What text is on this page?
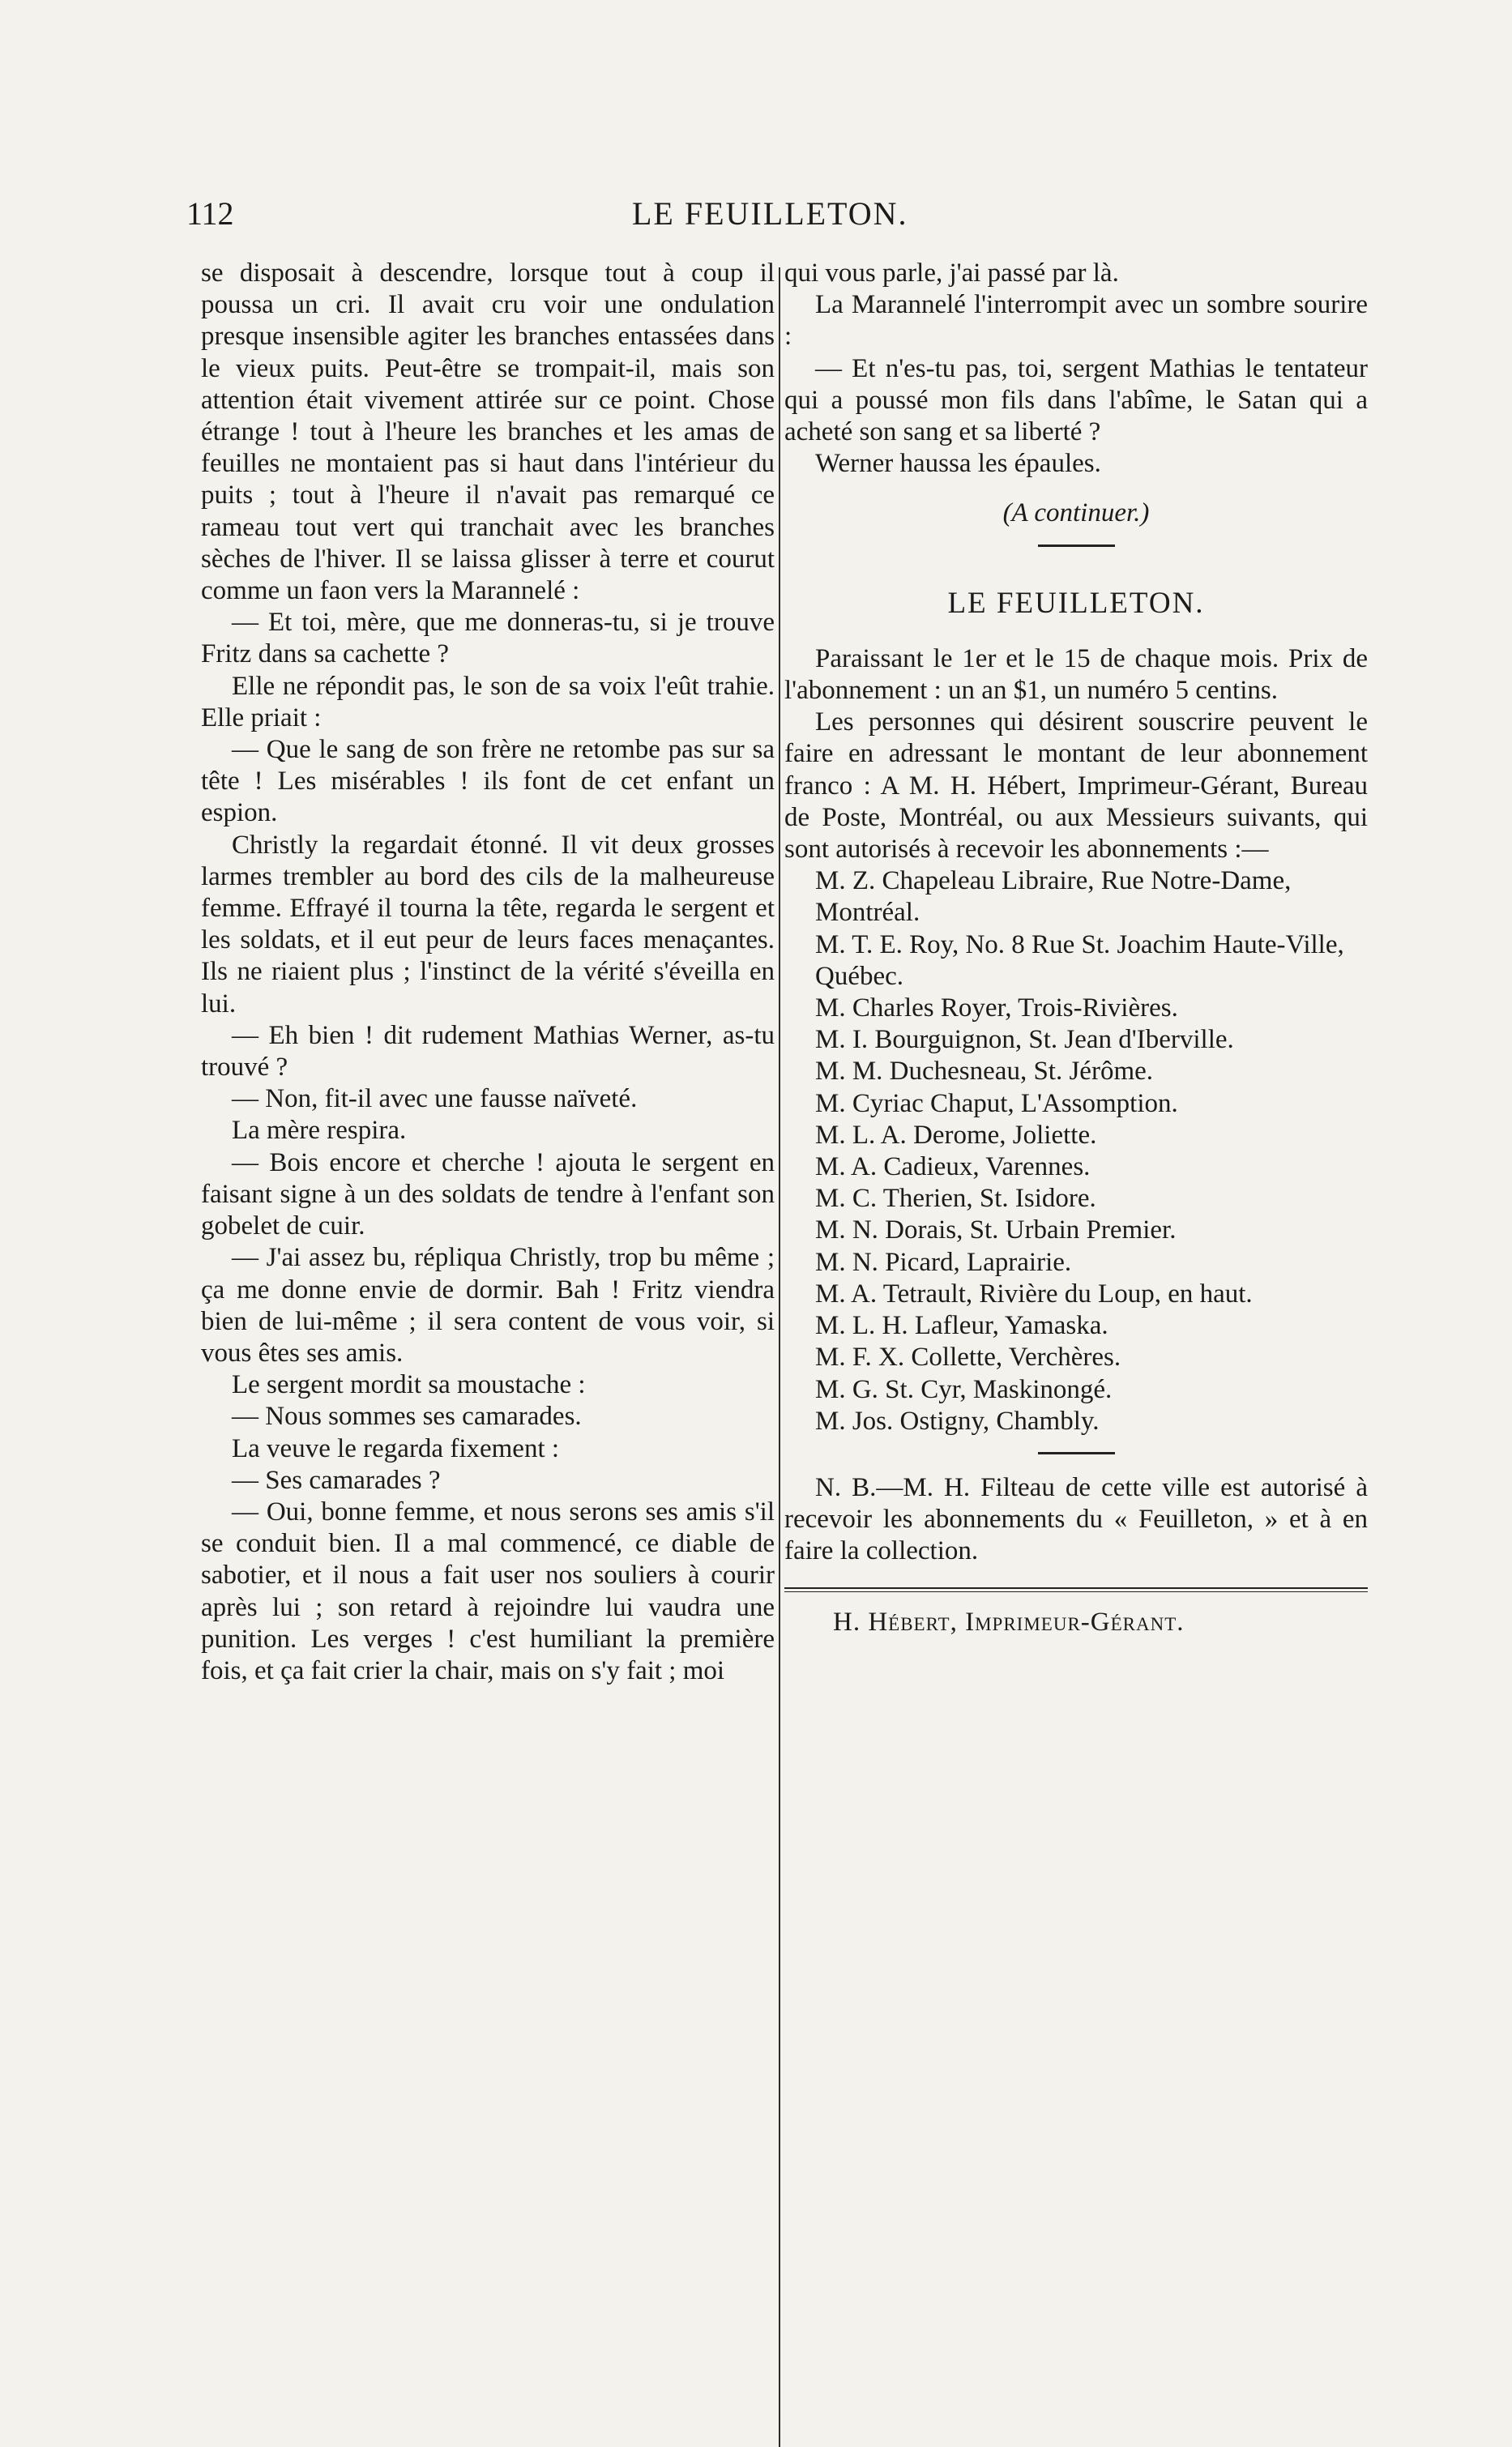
112	LE FEUILLETON.

se disposait à descendre, lorsque tout à coup il poussa un cri. Il avait cru voir une ondulation presque insensible agiter les branches entassées dans le vieux puits. Peut-être se trompait-il, mais son attention était vivement attirée sur ce point. Chose étrange ! tout à l'heure les branches et les amas de feuilles ne montaient pas si haut dans l'intérieur du puits ; tout à l'heure il n'avait pas remarqué ce rameau tout vert qui tranchait avec les branches sèches de l'hiver. Il se laissa glisser à terre et courut comme un faon vers la Marannelé :

— Et toi, mère, que me donneras-tu, si je trouve Fritz dans sa cachette ?

Elle ne répondit pas, le son de sa voix l'eût trahie. Elle priait :

— Que le sang de son frère ne retombe pas sur sa tête ! Les misérables ! ils font de cet enfant un espion.

Christly la regardait étonné. Il vit deux grosses larmes trembler au bord des cils de la malheureuse femme. Effrayé il tourna la tête, regarda le sergent et les soldats, et il eut peur de leurs faces menaçantes. Ils ne riaient plus ; l'instinct de la vérité s'éveilla en lui.

— Eh bien ! dit rudement Mathias Werner, as-tu trouvé ?

— Non, fit-il avec une fausse naïveté.

La mère respira.

— Bois encore et cherche ! ajouta le sergent en faisant signe à un des soldats de tendre à l'enfant son gobelet de cuir.

— J'ai assez bu, répliqua Christly, trop bu même ; ça me donne envie de dormir. Bah ! Fritz viendra bien de lui-même ; il sera content de vous voir, si vous êtes ses amis.

Le sergent mordit sa moustache :

— Nous sommes ses camarades.

La veuve le regarda fixement :

— Ses camarades ?

— Oui, bonne femme, et nous serons ses amis s'il se conduit bien. Il a mal commencé, ce diable de sabotier, et il nous a fait user nos souliers à courir après lui ; son retard à rejoindre lui vaudra une punition. Les verges ! c'est humiliant la première fois, et ça fait crier la chair, mais on s'y fait ; moi

qui vous parle, j'ai passé par là.

La Marannelé l'interrompit avec un sombre sourire :

— Et n'es-tu pas, toi, sergent Mathias le tentateur qui a poussé mon fils dans l'abîme, le Satan qui a acheté son sang et sa liberté ?

Werner haussa les épaules.

(A continuer.)

LE FEUILLETON.

Paraissant le 1er et le 15 de chaque mois. Prix de l'abonnement : un an $1, un numéro 5 centins.

Les personnes qui désirent souscrire peuvent le faire en adressant le montant de leur abonnement franco : A M. H. Hébert, Imprimeur-Gérant, Bureau de Poste, Montréal, ou aux Messieurs suivants, qui sont autorisés à recevoir les abonnements :—

M. Z. Chapeleau Libraire, Rue Notre-Dame, Montréal.

M. T. E. Roy, No. 8 Rue St. Joachim Haute-Ville, Québec.

M. Charles Royer, Trois-Rivières.

M. I. Bourguignon, St. Jean d'Iberville.

M. M. Duchesneau, St. Jérôme.

M. Cyriac Chaput, L'Assomption.

M. L. A. Derome, Joliette.

M. A. Cadieux, Varennes.

M. C. Therien, St. Isidore.

M. N. Dorais, St. Urbain Premier.

M. N. Picard, Laprairie.

M. A. Tetrault, Rivière du Loup, en haut.

M. L. H. Lafleur, Yamaska.

M. F. X. Collette, Verchères.

M. G. St. Cyr, Maskinongé.

M. Jos. Ostigny, Chambly.

N. B.—M. H. Filteau de cette ville est autorisé à recevoir les abonnements du « Feuilleton, » et à en faire la collection.

H. Hébert, Imprimeur-Gérant.
